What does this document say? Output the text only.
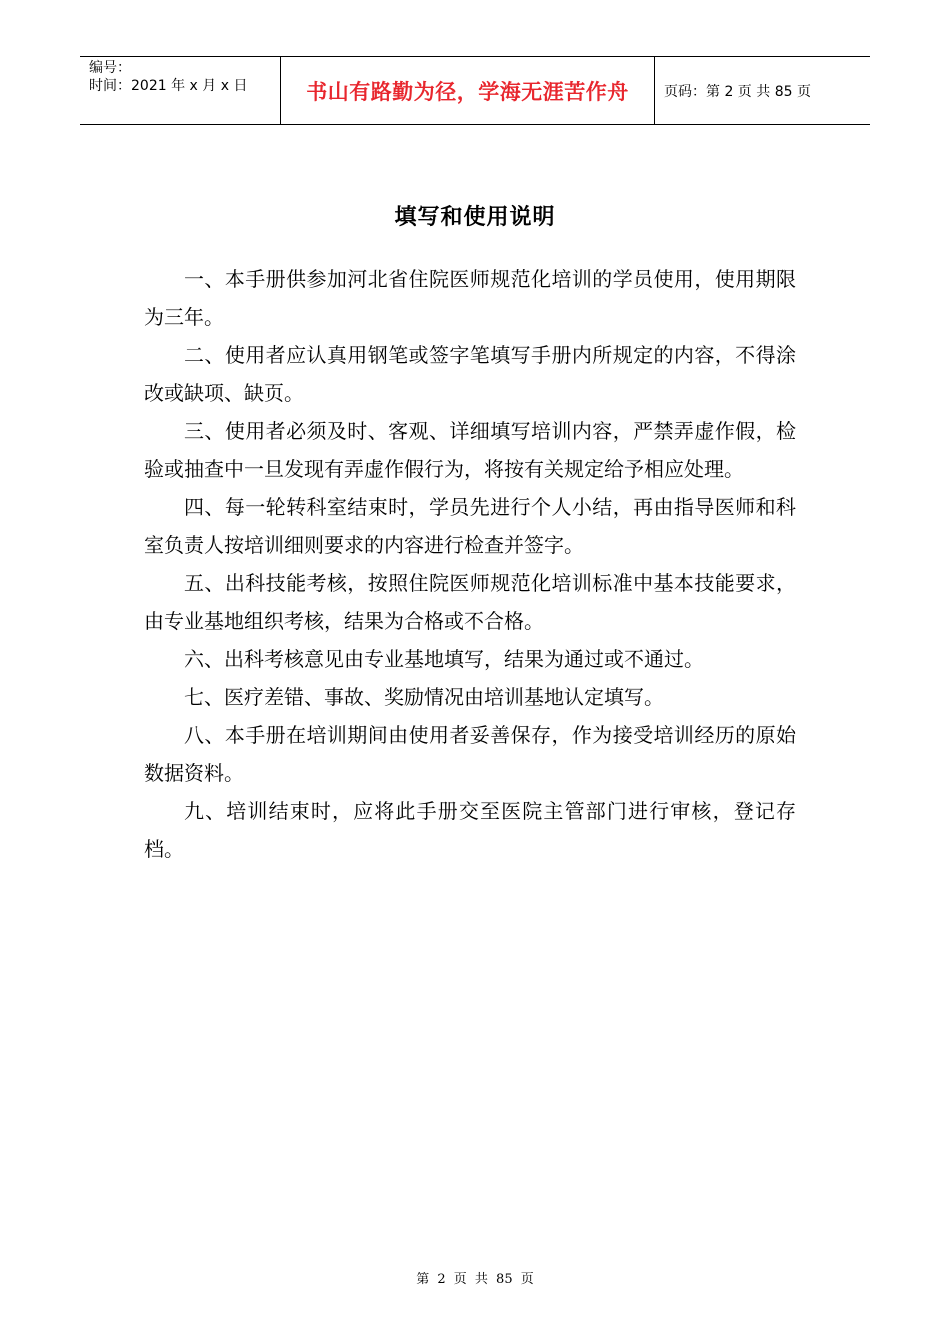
编号：
时间：2021 年 x 月 x 日	书山有路勤为径，学海无涯苦作舟	页码：第 2 页 共 85 页
填写和使用说明

一、本手册供参加河北省住院医师规范化培训的学员使用，使用期限为三年。

二、使用者应认真用钢笔或签字笔填写手册内所规定的内容，不得涂改或缺项、缺页。

三、使用者必须及时、客观、详细填写培训内容，严禁弄虚作假，检验或抽查中一旦发现有弄虚作假行为，将按有关规定给予相应处理。

四、每一轮转科室结束时，学员先进行个人小结，再由指导医师和科室负责人按培训细则要求的内容进行检查并签字。

五、出科技能考核，按照住院医师规范化培训标准中基本技能要求，由专业基地组织考核，结果为合格或不合格。

六、出科考核意见由专业基地填写，结果为通过或不通过。

七、医疗差错、事故、奖励情况由培训基地认定填写。

八、本手册在培训期间由使用者妥善保存，作为接受培训经历的原始数据资料。

九、培训结束时，应将此手册交至医院主管部门进行审核，登记存档。

第 2 页 共 85 页
